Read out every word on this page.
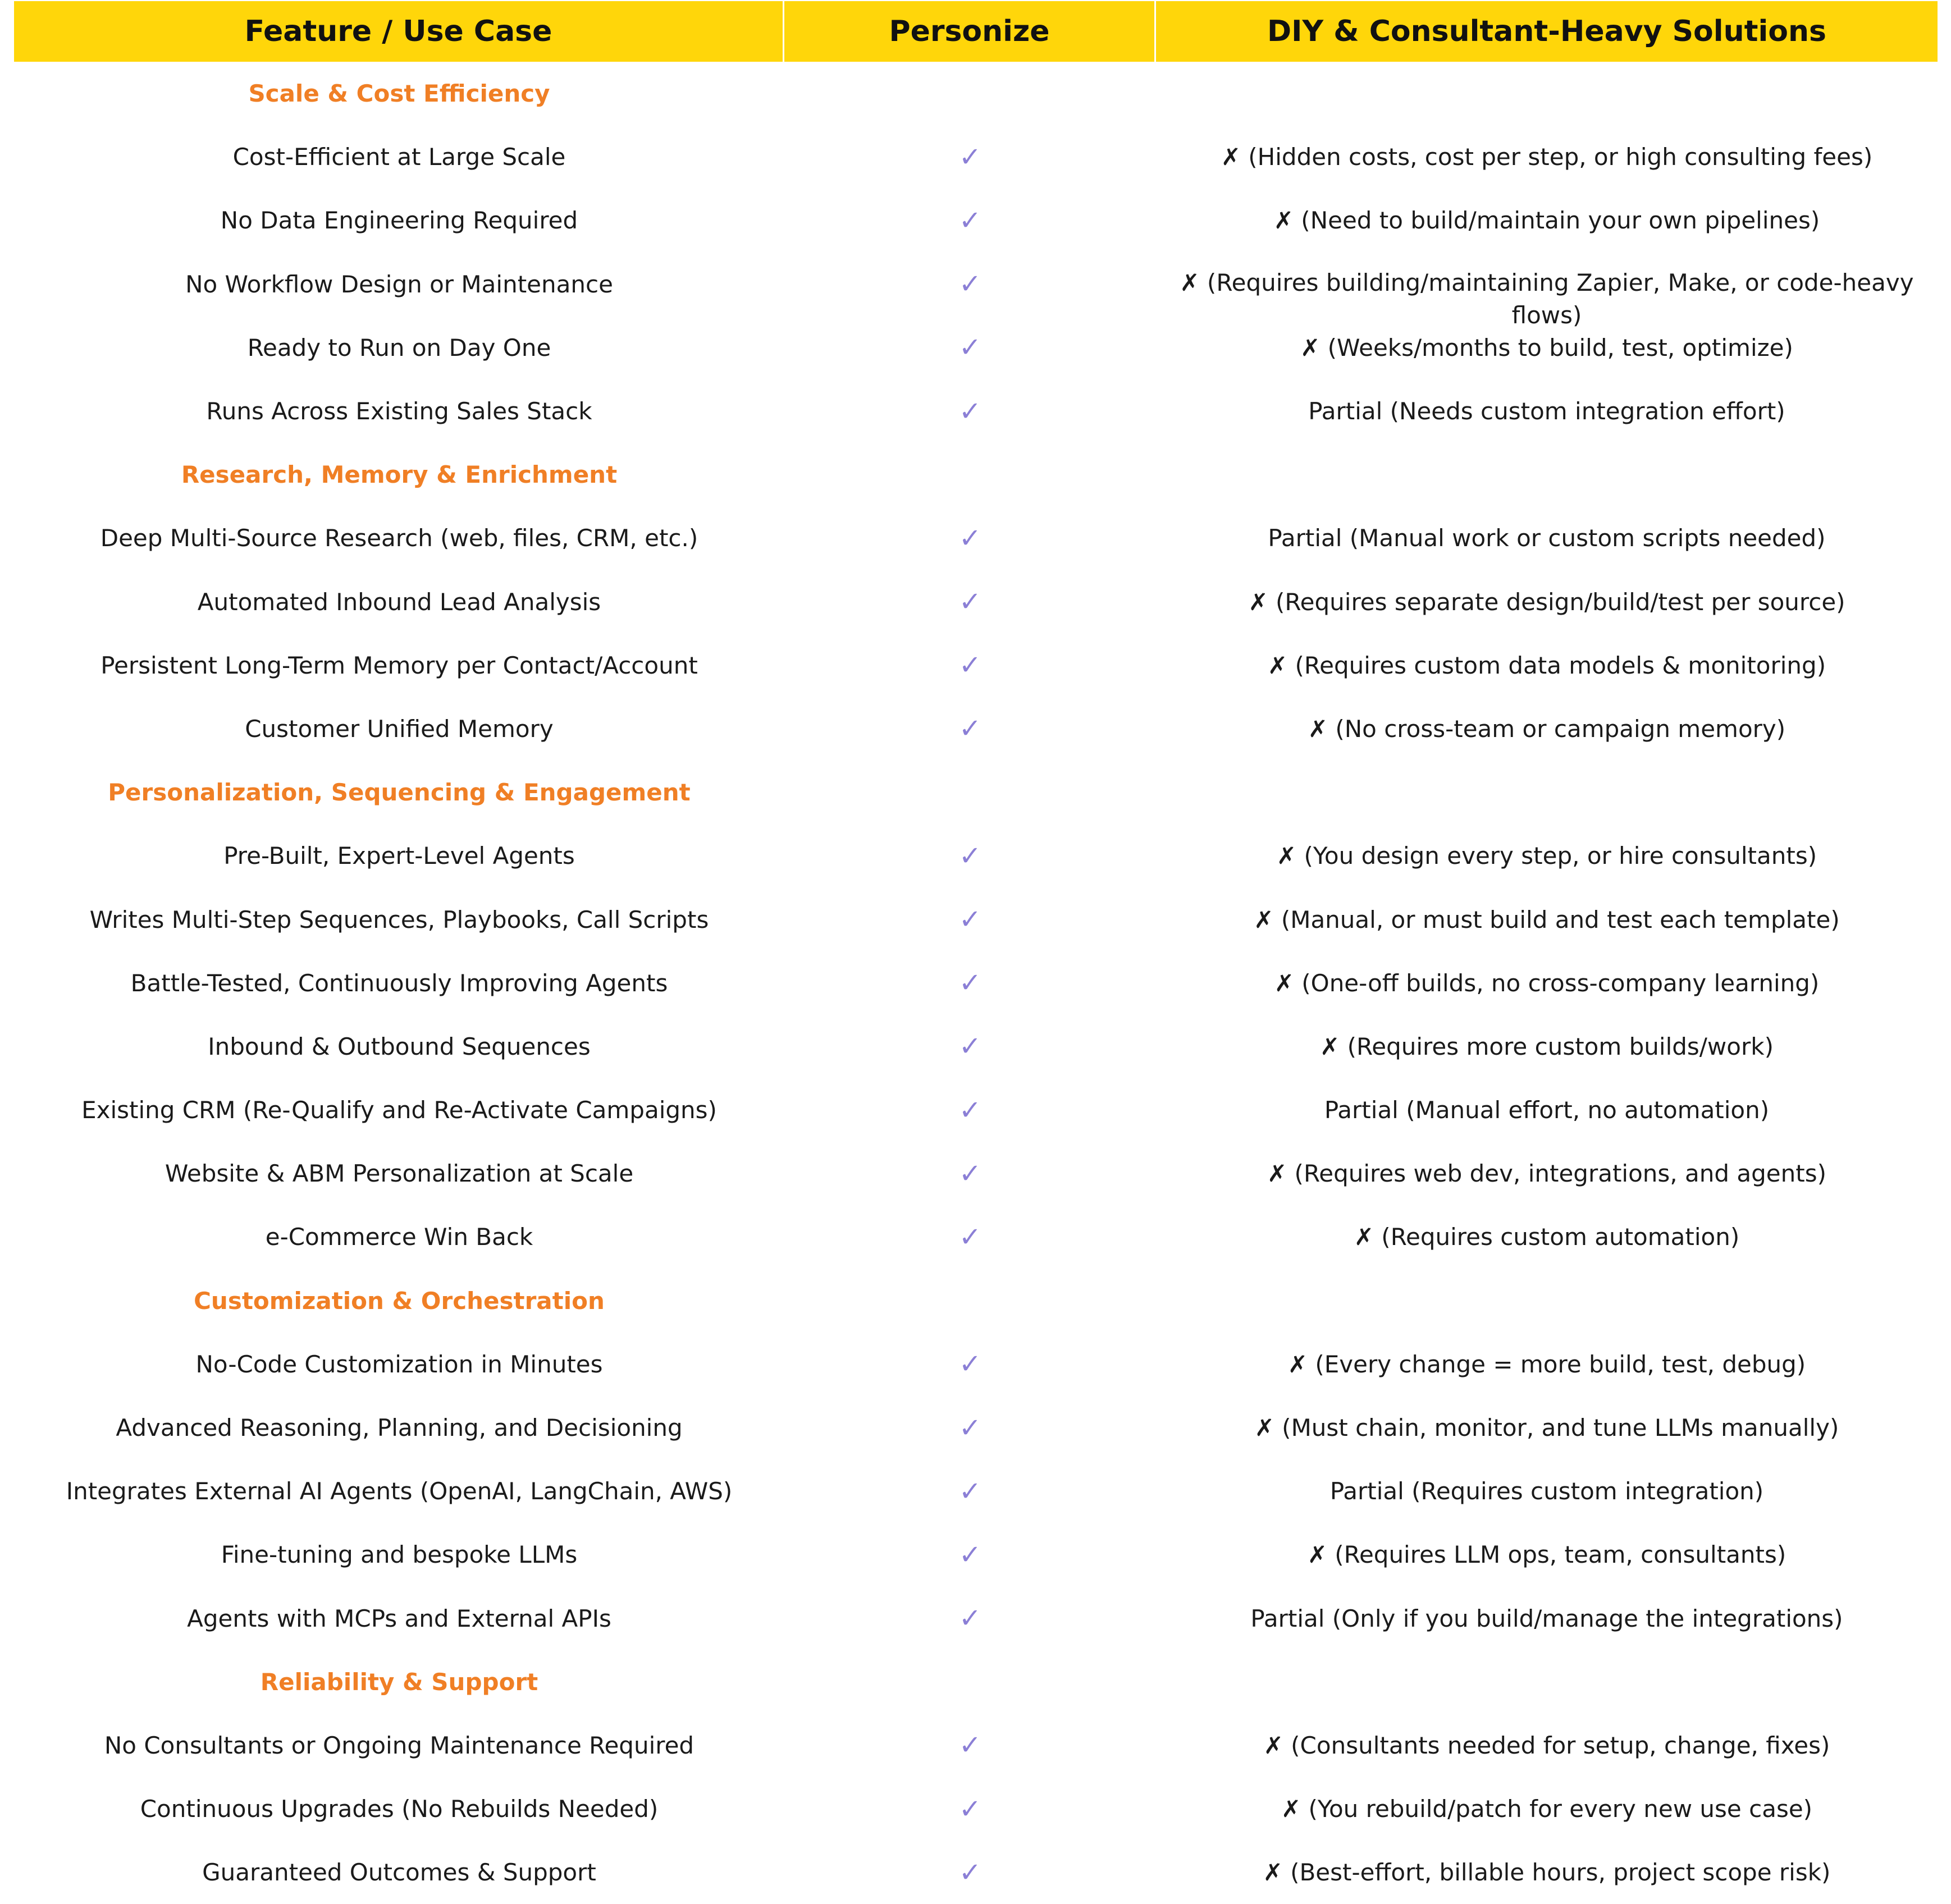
Feature / Use Case	Personize	DIY & Consultant-Heavy Solutions
Scale & Cost Efficiency
Cost-Efficient at Large Scale	✓	✗ (Hidden costs, cost per step, or high consulting fees)
No Data Engineering Required	✓	✗ (Need to build/maintain your own pipelines)
No Workflow Design or Maintenance	✓	✗ (Requires building/maintaining Zapier, Make, or code-heavy flows)
Ready to Run on Day One	✓	✗ (Weeks/months to build, test, optimize)
Runs Across Existing Sales Stack	✓	Partial (Needs custom integration effort)
Research, Memory & Enrichment
Deep Multi-Source Research (web, files, CRM, etc.)	✓	Partial (Manual work or custom scripts needed)
Automated Inbound Lead Analysis	✓	✗ (Requires separate design/build/test per source)
Persistent Long-Term Memory per Contact/Account	✓	✗ (Requires custom data models & monitoring)
Customer Unified Memory	✓	✗ (No cross-team or campaign memory)
Personalization, Sequencing & Engagement
Pre-Built, Expert-Level Agents	✓	✗ (You design every step, or hire consultants)
Writes Multi-Step Sequences, Playbooks, Call Scripts	✓	✗ (Manual, or must build and test each template)
Battle-Tested, Continuously Improving Agents	✓	✗ (One-off builds, no cross-company learning)
Inbound & Outbound Sequences	✓	✗ (Requires more custom builds/work)
Existing CRM (Re-Qualify and Re-Activate Campaigns)	✓	Partial (Manual effort, no automation)
Website & ABM Personalization at Scale	✓	✗ (Requires web dev, integrations, and agents)
e-Commerce Win Back	✓	✗ (Requires custom automation)
Customization & Orchestration
No-Code Customization in Minutes	✓	✗ (Every change = more build, test, debug)
Advanced Reasoning, Planning, and Decisioning	✓	✗ (Must chain, monitor, and tune LLMs manually)
Integrates External AI Agents (OpenAI, LangChain, AWS)	✓	Partial (Requires custom integration)
Fine-tuning and bespoke LLMs	✓	✗ (Requires LLM ops, team, consultants)
Agents with MCPs and External APIs	✓	Partial (Only if you build/manage the integrations)
Reliability & Support
No Consultants or Ongoing Maintenance Required	✓	✗ (Consultants needed for setup, change, fixes)
Continuous Upgrades (No Rebuilds Needed)	✓	✗ (You rebuild/patch for every new use case)
Guaranteed Outcomes & Support	✓	✗ (Best-effort, billable hours, project scope risk)
